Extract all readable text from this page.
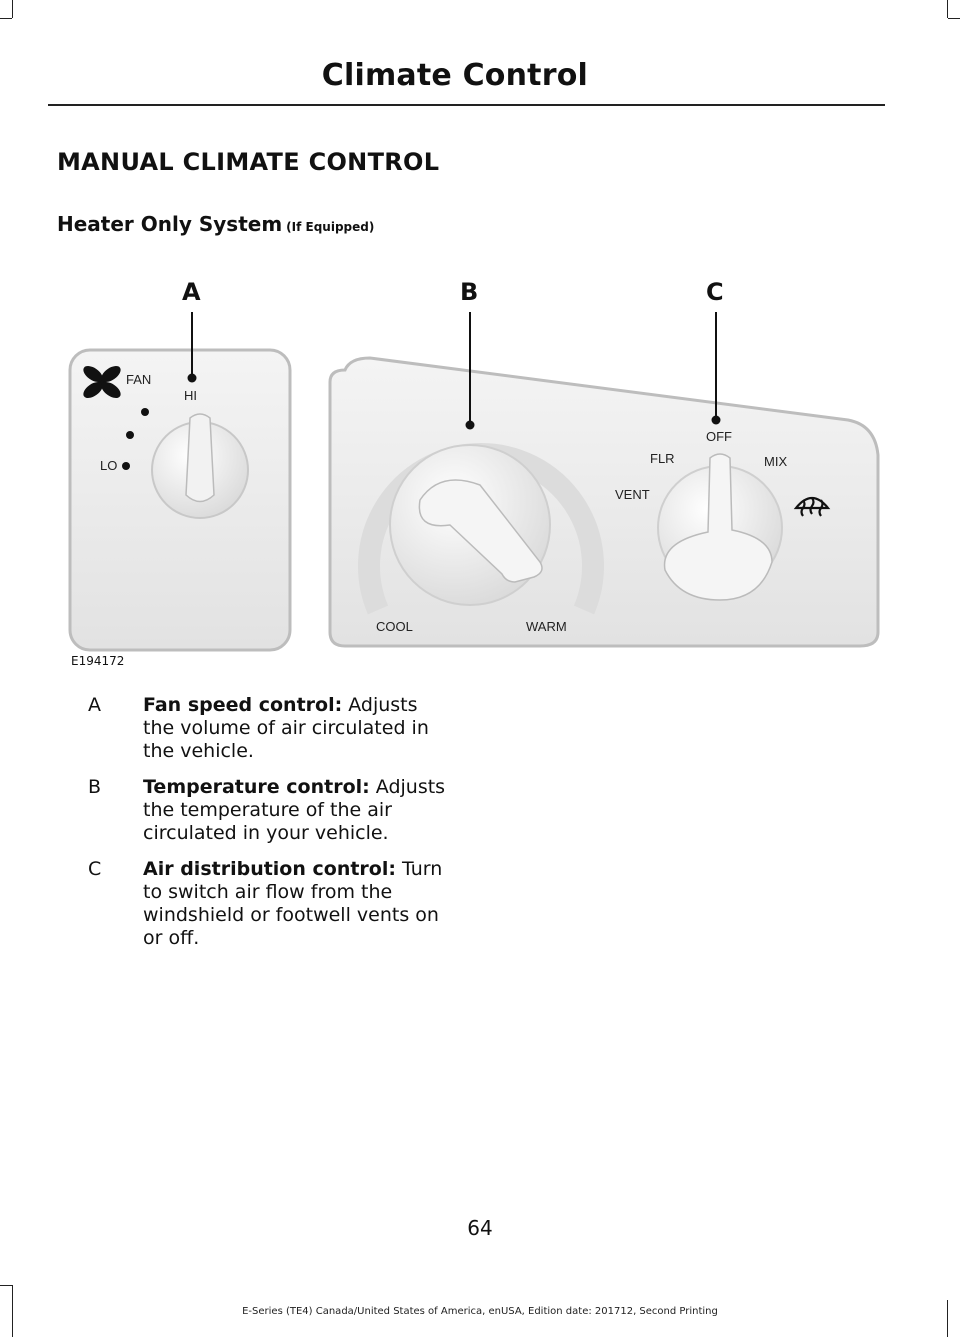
Climate Control
MANUAL CLIMATE CONTROL
Heater Only System (If Equipped)
FAN
HI
LO
COOL	WARM
OFF
FLR	MIX
VENT
A	B	C
E194172
A	Fan speed control: Adjusts the volume of air circulated in the vehicle.
B	Temperature control: Adjusts the temperature of the air circulated in your vehicle.
C	Air distribution control: Turn to switch air flow from the windshield or footwell vents on or off.
64
E-Series (TE4) Canada/United States of America, enUSA, Edition date: 201712, Second Printing
